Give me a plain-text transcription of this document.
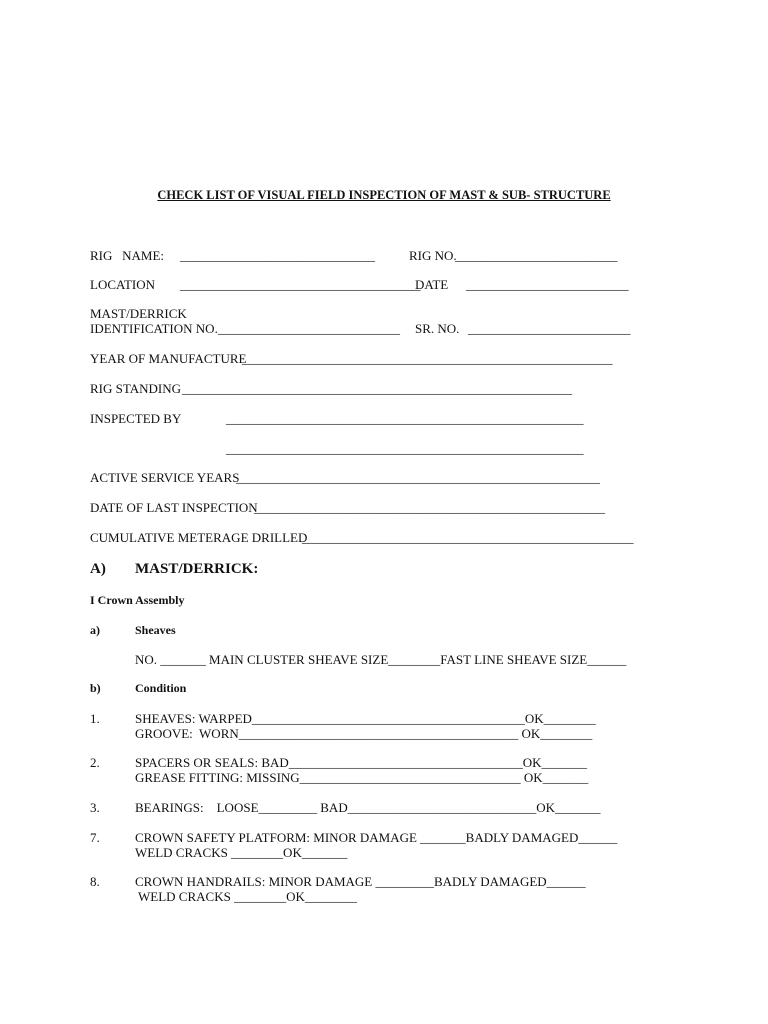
CHECK LIST OF VISUAL FIELD INSPECTION OF MAST & SUB- STRUCTURE
RIG   NAME: ______________________________	RIG NO.
_________________________
LOCATION _____________________________________
DATE _________________________
MAST/DERRICK
IDENTIFICATION NO. ____________________________ SR. NO. _________________________
YEAR OF MANUFACTURE
_________________________________________________________
RIG STANDING ____________________________________________________________
INSPECTED BY	_______________________________________________________
_______________________________________________________
ACTIVE SERVICE YEARS
________________________________________________________
DATE OF LAST INSPECTION
______________________________________________________
CUMULATIVE METERAGE DRILLED
___________________________________________________
A) MAST/DERRICK:
I Crown Assembly
a)	Sheaves
NO. _______ MAIN CLUSTER SHEAVE SIZE________FAST LINE SHEAVE SIZE______
b)	Condition
1.	SHEAVES: WARPED__________________________________________OK________
GROOVE:  WORN___________________________________________ OK________
2.	SPACERS OR SEALS: BAD____________________________________OK_______
GREASE FITTING: MISSING__________________________________ OK_______
3.	BEARINGS:    LOOSE_________ BAD_____________________________OK_______
7.	CROWN SAFETY PLATFORM: MINOR DAMAGE _______BADLY DAMAGED______
WELD CRACKS ________OK_______
8.	CROWN HANDRAILS: MINOR DAMAGE _________BADLY DAMAGED______
WELD CRACKS ________OK________
